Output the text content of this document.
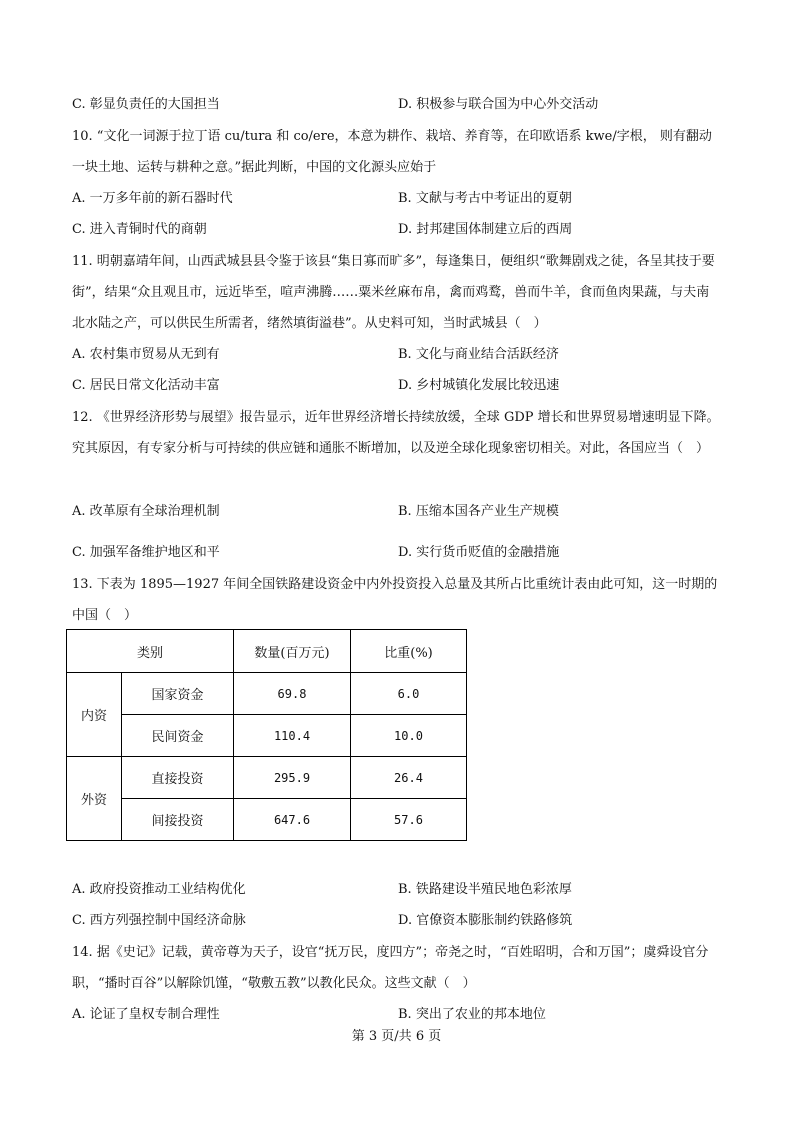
C. 彰显负责任的大国担当	D. 积极参与联合国为中心外交活动
10. “文化一词源于拉丁语 cu/tura 和 co/ere，本意为耕作、栽培、养育等，在印欧语系 kwe/字根， 则有翻动一块土地、运转与耕种之意。”据此判断，中国的文化源头应始于
A. 一万多年前的新石器时代	B. 文献与考古中考证出的夏朝
C. 进入青铜时代的商朝	D. 封邦建国体制建立后的西周
11. 明朝嘉靖年间，山西武城县县令鉴于该县“集日寡而旷多”，每逢集日，便组织“歌舞剧戏之徒，各呈其技于要街”，结果“众且观且市，远近毕至，喧声沸腾……粟米丝麻布帛，禽而鸡鹜，兽而牛羊，食而鱼肉果蔬，与夫南北水陆之产，可以供民生所需者，绪然填街溢巷”。从史料可知，当时武城县（　）
A. 农村集市贸易从无到有	B. 文化与商业结合活跃经济
C. 居民日常文化活动丰富	D. 乡村城镇化发展比较迅速
12. 《世界经济形势与展望》报告显示，近年世界经济增长持续放缓，全球 GDP 增长和世界贸易增速明显下降。究其原因，有专家分析与可持续的供应链和通胀不断增加，以及逆全球化现象密切相关。对此，各国应当（　）
A. 改革原有全球治理机制	B. 压缩本国各产业生产规模
C. 加强军备维护地区和平	D. 实行货币贬值的金融措施
13. 下表为 1895—1927 年间全国铁路建设资金中内外投资投入总量及其所占比重统计表由此可知，这一时期的中国（　）
类别		数量(百万元)	比重(%)
内资	国家资金	69.8	6.0
	民间资金	110.4	10.0
外资	直接投资	295.9	26.4
	间接投资	647.6	57.6
A. 政府投资推动工业结构优化	B. 铁路建设半殖民地色彩浓厚
C. 西方列强控制中国经济命脉	D. 官僚资本膨胀制约铁路修筑
14. 据《史记》记载，黄帝尊为天子，设官“抚万民，度四方”；帝尧之时，“百姓昭明，合和万国”；虞舜设官分职，“播时百谷”以解除饥馑，“敬敷五教”以教化民众。这些文献（　）
A. 论证了皇权专制合理性	B. 突出了农业的邦本地位
第 3 页/共 6 页
